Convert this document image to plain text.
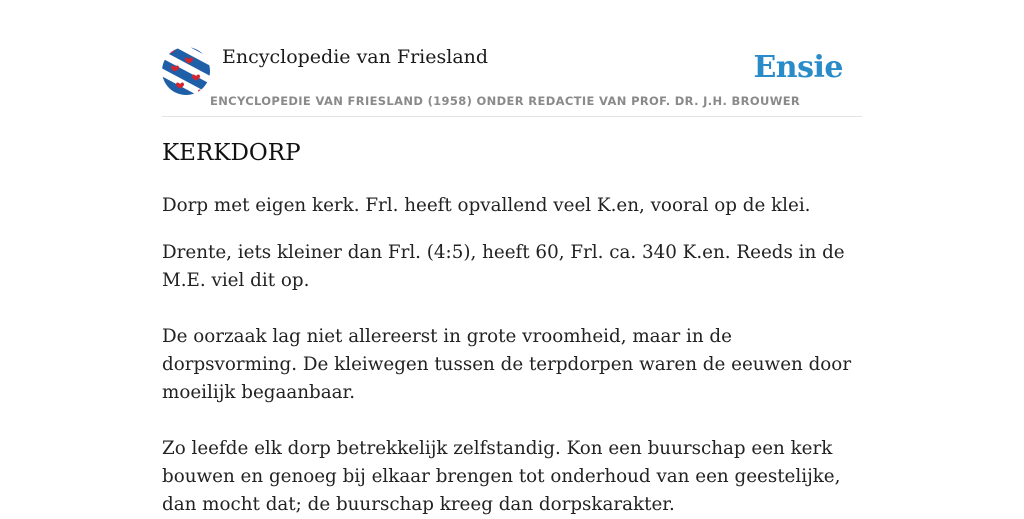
Encyclopedie van Friesland
ENCYCLOPEDIE VAN FRIESLAND (1958) ONDER REDACTIE VAN PROF. DR. J.H. BROUWER
Ensie
KERKDORP

Dorp met eigen kerk. Frl. heeft opvallend veel K.en, vooral op de klei.

Drente, iets kleiner dan Frl. (4:5), heeft 60, Frl. ca. 340 K.en. Reeds in de M.E. viel dit op.

De oorzaak lag niet allereerst in grote vroomheid, maar in de dorpsvorming. De kleiwegen tussen de terpdorpen waren de eeuwen door moeilijk begaanbaar.

Zo leefde elk dorp betrekkelijk zelfstandig. Kon een buurschap een kerk bouwen en genoeg bij elkaar brengen tot onderhoud van een geestelijke, dan mocht dat; de buurschap kreeg dan dorpskarakter.
